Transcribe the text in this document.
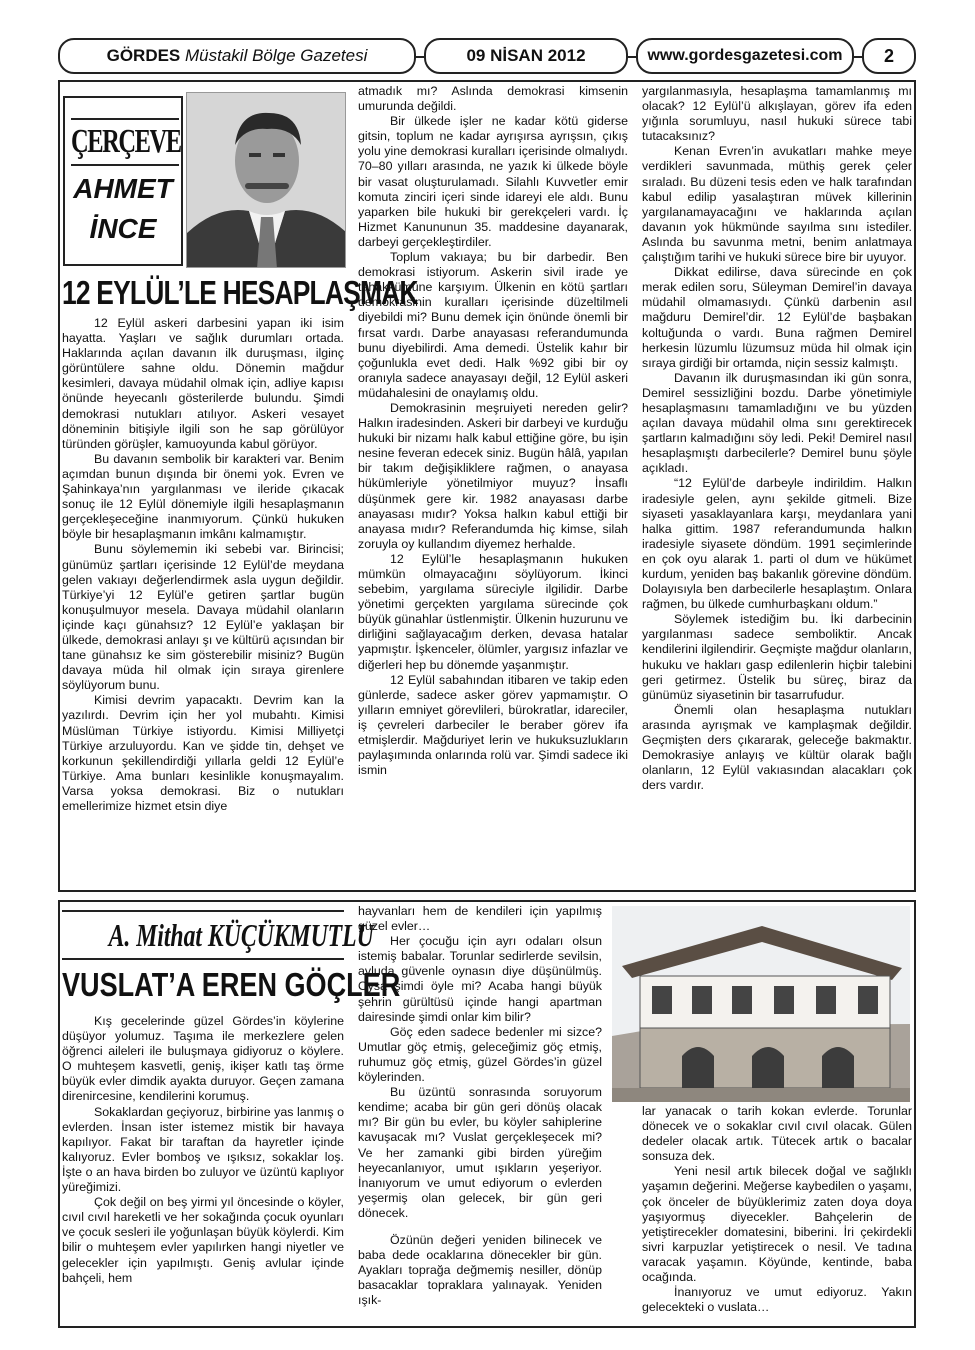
GÖRDES
Müstakil Bölge Gazetesi	09 NİSAN 2012	www.gordesgazetesi.com	2
ÇERÇEVE
AHMET
İNCE
12 EYLÜL’LE HESAPLAŞMAK

12 Eylül askeri darbesini yapan iki isim hayatta. Yaşları ve sağlık durumları ortada. Haklarında açılan davanın ilk duruşması, ilginç görüntülere sahne oldu. Dönemin mağdur kesimleri, davaya müdahil olmak için, adliye kapısı önünde heyecanlı gösterilerde bulundu. Şimdi demokrasi nutukları atılıyor. Askeri vesayet döneminin bitişiyle ilgili son he sap görülüyor türünden görüşler, kamuoyunda kabul görüyor.

Bu davanın sembolik bir karakteri var. Benim açımdan bunun dışında bir önemi yok. Evren ve Şahinkaya’nın yargılanması ve ileride çıkacak sonuç ile 12 Eylül dönemiyle ilgili hesaplaşmanın gerçekleşeceğine inanmıyorum. Çünkü hukuken böyle bir hesaplaşmanın imkânı kalmamıştır.

Bunu söylememin iki sebebi var. Birincisi; günümüz şartları içerisinde 12 Eylül’de meydana gelen vakıayı değerlendirmek asla uygun değildir. Türkiye’yi 12 Eylül’e getiren şartlar bugün konuşulmuyor mesela. Davaya müdahil olanların içinde kaçı günahsız? 12 Eylül’e yaklaşan bir ülkede, demokrasi anlayı şı ve kültürü açısından bir tane günahsız ke sim gösterebilir misiniz? Bugün davaya müda hil olmak için sıraya girenlere söylüyorum bunu.

Kimisi devrim yapacaktı. Devrim kan la yazılırdı. Devrim için her yol mubahtı. Kimisi Müslüman Türkiye istiyordu. Kimisi Milliyetçi Türkiye arzuluyordu. Kan ve şidde tin, dehşet ve korkunun şekillendirdiği yıllarla geldi 12 Eylül’e Türkiye. Ama bunları kesinlikle konuşmayalım. Varsa yoksa demokrasi. Biz o nutukları emellerimize hizmet etsin diye

atmadık mı? Aslında demokrasi kimsenin umurunda değildi.

Bir ülkede işler ne kadar kötü giderse gitsin, toplum ne kadar ayrışırsa ayrışsın, çıkış yolu yine demokrasi kuralları içerisinde olmalıydı. 70–80 yılları arasında, ne yazık ki ülkede böyle bir vasat oluşturulamadı. Silahlı Kuvvetler emir komuta zinciri içeri sinde idareyi ele aldı. Bunu yaparken bile hukuki bir gerekçeleri vardı. İç Hizmet Kanununun 35. maddesine dayanarak, darbeyi gerçekleştirdiler.

Toplum vakıaya; bu bir darbedir. Ben demokrasi istiyorum. Askerin sivil irade ye tahakkümüne karşıyım. Ülkenin en kötü şartları demokrasinin kuralları içerisinde düzeltilmeli diyebildi mi? Bunu demek için önünde önemli bir fırsat vardı. Darbe anayasası referandumunda bunu diyebilirdi. Ama demedi. Üstelik kahır bir çoğunlukla evet dedi. Halk %92 gibi bir oy oranıyla sadece anayasayı değil, 12 Eylül askeri müdahalesini de onaylamış oldu.

Demokrasinin meşruiyeti nereden gelir? Halkın iradesinden. Askeri bir darbeyi ve kurduğu hukuki bir nizamı halk kabul ettiğine göre, bu işin nesine feveran edecek siniz. Bugün hâlâ, yapılan bir takım değişikliklere rağmen, o anayasa hükümleriyle yönetilmiyor muyuz? İnsaflı düşünmek gere kir. 1982 anayasası darbe anayasası mıdır? Yoksa halkın kabul ettiği bir anayasa mıdır? Referandumda hiç kimse, silah zoruyla oy kullandım diyemez herhalde.

12 Eylül’le hesaplaşmanın hukuken mümkün olmayacağını söylüyorum. İkinci sebebim, yargılama süreciyle ilgilidir. Darbe yönetimi gerçekten yargılama sürecinde çok büyük günahlar üstlenmiştir. Ülkenin huzurunu ve dirliğini sağlayacağım derken, devasa hatalar yapmıştır. İşkenceler, ölümler, yargısız infazlar ve diğerleri hep bu dönemde yaşanmıştır.

12 Eylül sabahından itibaren ve takip eden günlerde, sadece asker görev yapmamıştır. O yılların emniyet görevlileri, bürokratlar, idareciler, iş çevreleri darbeciler le beraber görev ifa etmişlerdir. Mağduriyet lerin ve hukuksuzlukların paylaşımında onlarında rolü var. Şimdi sadece iki ismin

yargılanmasıyla, hesaplaşma tamamlanmış mı olacak? 12 Eylül’ü alkışlayan, görev ifa eden yığınla sorumluyu, nasıl hukuki sürece tabi tutacaksınız?

Kenan Evren’in avukatları mahke meye verdikleri savunmada, müthiş gerek çeler sıraladı. Bu düzeni tesis eden ve halk tarafından kabul edilip yasalaştıran müvek killerinin yargılanamayacağını ve haklarında açılan davanın yok hükmünde sayılma sını istediler. Aslında bu savunma metni, benim anlatmaya çalıştığım tarihi ve hukuki sürece bire bir uyuyor.

Dikkat edilirse, dava sürecinde en çok merak edilen soru, Süleyman Demirel’in davaya müdahil olmamasıydı. Çünkü darbenin asıl mağduru Demirel’dir. 12 Eylül’de başbakan koltuğunda o vardı. Buna rağmen Demirel herkesin lüzumlu lüzumsuz müda hil olmak için sıraya girdiği bir ortamda, niçin sessiz kalmıştı.

Davanın ilk duruşmasından iki gün sonra, Demirel sessizliğini bozdu. Darbe yönetimiyle hesaplaşmasını tamamladığını ve bu yüzden açılan davaya müdahil olma sını gerektirecek şartların kalmadığını söy ledi. Peki! Demirel nasıl hesaplaşmıştı darbecilerle? Demirel bunu şöyle açıkladı.

“12 Eylül’de darbeyle indirildim. Halkın iradesiyle gelen, aynı şekilde gitmeli. Bize siyaseti yasaklayanlara karşı, meydanlara yani halka gittim. 1987 referandumunda halkın iradesiyle siyasete döndüm. 1991 seçimlerinde en çok oyu alarak 1. parti ol dum ve hükümet kurdum, yeniden baş bakanlık görevine döndüm. Dolayısıyla ben darbecilerle hesaplaştım. Onlara rağmen, bu ülkede cumhurbaşkanı oldum.”

Söylemek istediğim bu. İki darbecinin yargılanması sadece semboliktir. Ancak kendilerini ilgilendirir. Geçmişte mağdur olanların, hukuku ve hakları gasp edilenlerin hiçbir talebini geri getirmez. Üstelik bu süreç, biraz da günümüz siyasetinin bir tasarrufudur.

Önemli olan hesaplaşma nutukları arasında ayrışmak ve kamplaşmak değildir. Geçmişten ders çıkararak, geleceğe bakmaktır. Demokrasiye anlayış ve kültür olarak bağlı olanların, 12 Eylül vakıasından alacakları çok ders vardır.

A. Mithat KÜÇÜKMUTLU
VUSLAT’A EREN GÖÇLER

Kış gecelerinde güzel Gördes’in köylerine düşüyor yolumuz. Taşıma ile merkezlere gelen öğrenci aileleri ile buluşmaya gidiyoruz o köylere. O muhteşem kasvetli, geniş, ikişer katlı taş örme büyük evler dimdik ayakta duruyor. Geçen zamana direnircesine, kendilerini korumuş.

Sokaklardan geçiyoruz, birbirine yas lanmış o evlerden. İnsan ister istemez mistik bir havaya kapılıyor. Fakat bir taraftan da hayretler içinde kalıyoruz. Evler bomboş ve ışıksız, sokaklar loş. İşte o an hava birden bo zuluyor ve üzüntü kaplıyor yüreğimizi.

Çok değil on beş yirmi yıl öncesinde o köyler, cıvıl cıvıl hareketli ve her sokağında çocuk oyunları ve çocuk sesleri ile yoğunlaşan büyük köylerdi. Kim bilir o muhteşem evler yapılırken hangi niyetler ve gelecekler için yapılmıştı. Geniş avlular içinde bahçeli, hem

hayvanları hem de kendileri için yapılmış güzel evler…

Her çocuğu için ayrı odaları olsun istemiş babalar. Torunlar sedirlerde sevilsin, avluda güvenle oynasın diye düşünülmüş. Oysa şimdi öyle mi? Acaba hangi büyük şehrin gürültüsü içinde hangi apartman dairesinde şimdi onlar kim bilir?

Göç eden sadece bedenler mi sizce? Umutlar göç etmiş, geleceğimiz göç etmiş, ruhumuz göç etmiş, güzel Gördes’in güzel köylerinden.

Bu üzüntü sonrasında soruyorum kendime; acaba bir gün geri dönüş olacak mı? Bir gün bu evler, bu köyler sahiplerine kavuşacak mı? Vuslat gerçekleşecek mi? Ve her zamanki gibi birden yüreğim heyecanlanıyor, umut ışıkların yeşeriyor. İnanıyorum ve umut ediyorum o evlerden yeşermiş olan gelecek, bir gün geri dönecek.

Özünün değeri yeniden bilinecek ve baba dede ocaklarına dönecekler bir gün. Ayakları toprağa değmemiş nesiller, dönüp basacaklar topraklara yalınayak. Yeniden ışık-

lar yanacak o tarih kokan evlerde. Torunlar dönecek ve o sokaklar cıvıl cıvıl olacak. Gülen dedeler olacak artık. Tütecek artık o bacalar sonsuza dek.

Yeni nesil artık bilecek doğal ve sağlıklı yaşamın değerini. Meğerse kaybedilen o yaşamı, çok önceler de büyüklerimiz zaten doya doya yaşıyormuş diyecekler. Bahçelerin de yetiştirecekler domatesini, biberini. İri çekirdekli sivri karpuzlar yetiştirecek o nesil. Ve tadına varacak yaşamın. Köyünde, kentinde, baba ocağında.

İnanıyoruz ve umut ediyoruz. Yakın gelecekteki o vuslata…
